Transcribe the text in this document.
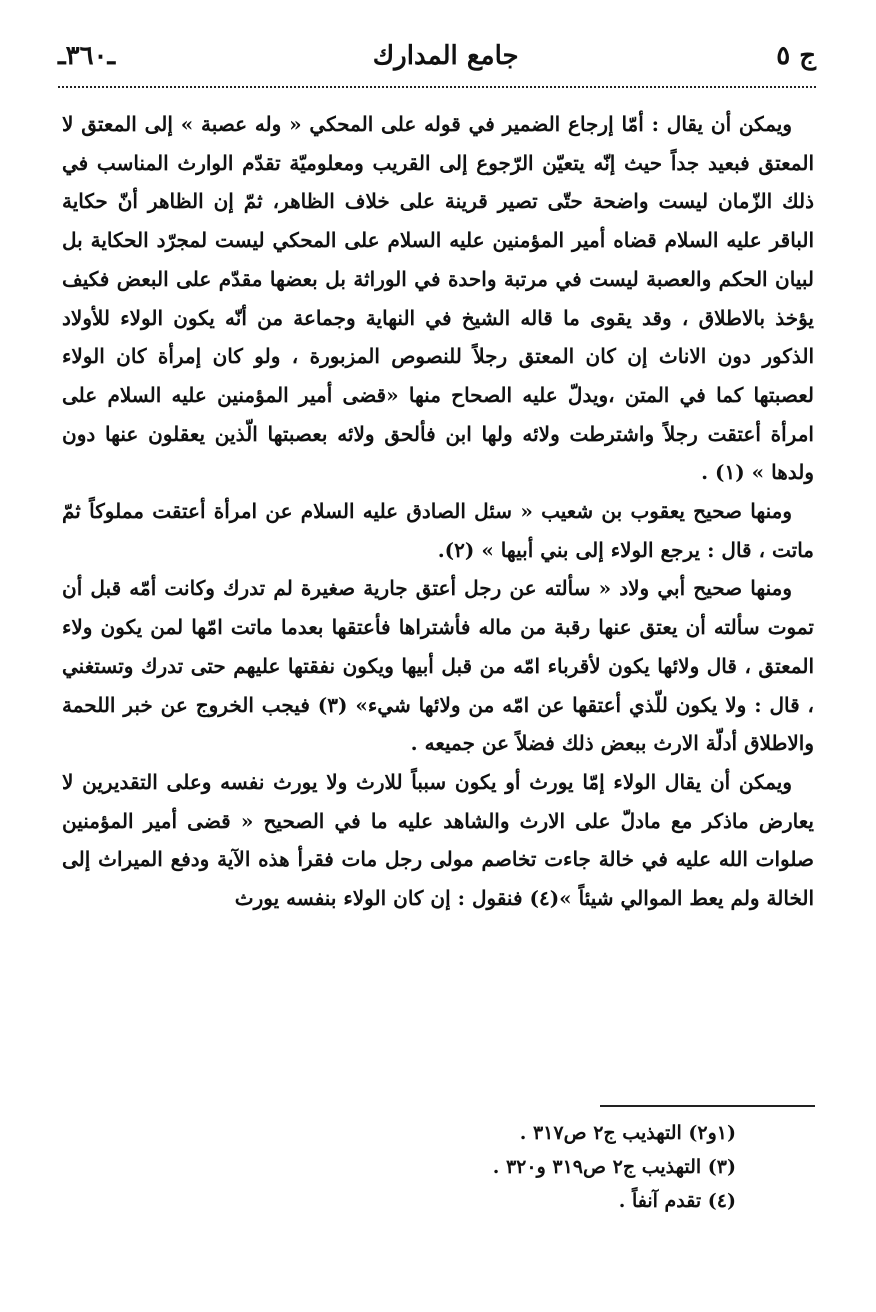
ـ٣٦٠ـ	جامع المدارك	ج ٥

ويمكن أن يقال : أمّا إرجاع الضمير في قوله على المحكي « وله عصبة » إلى المعتق لا المعتق فبعيد جداً حيث إنّه يتعيّن الرّجوع إلى القريب ومعلوميّة تقدّم الوارث المناسب في ذلك الزّمان ليست واضحة حتّى تصير قرينة على خلاف الظاهر، ثمّ إن الظاهر أنّ حكاية الباقر عليه السلام قضاه أمير المؤمنين عليه السلام على المحكي ليست لمجرّد الحكاية بل لبيان الحكم والعصبة ليست في مرتبة واحدة في الوراثة بل بعضها مقدّم على البعض فكيف يؤخذ بالاطلاق ، وقد يقوى ما قاله الشيخ في النهاية وجماعة من أنّه يكون الولاء للأولاد الذكور دون الاناث إن كان المعتق رجلاً للنصوص المزبورة ، ولو كان إمرأة كان الولاء لعصبتها كما في المتن ،ويدلّ عليه الصحاح منها «قضى أمير المؤمنين عليه السلام على امرأة أعتقت رجلاً واشترطت ولائه ولها ابن فألحق ولائه بعصبتها الّذين يعقلون عنها دون ولدها » (١) .

ومنها صحيح يعقوب بن شعيب « سئل الصادق عليه السلام عن امرأة أعتقت مملوكاً ثمّ ماتت ، قال : يرجع الولاء إلى بني أبيها » (٢).

ومنها صحيح أبي ولاد « سألته عن رجل أعتق جارية صغيرة لم تدرك وكانت أمّه قبل أن تموت سألته أن يعتق عنها رقبة من ماله فأشتراها فأعتقها بعدما ماتت امّها لمن يكون ولاء المعتق ، قال ولائها يكون لأقرباء امّه من قبل أبيها ويكون نفقتها عليهم حتى تدرك وتستغني ، قال : ولا يكون للّذي أعتقها عن امّه من ولائها شيء» (٣) فيجب الخروج عن خبر اللحمة والاطلاق أدلّة الارث ببعض ذلك فضلاً عن جميعه .

ويمكن أن يقال الولاء إمّا يورث أو يكون سبباً للارث ولا يورث نفسه وعلى التقديرين لا يعارض ماذكر مع مادلّ على الارث والشاهد عليه ما في الصحيح « قضى أمير المؤمنين صلوات الله عليه في خالة جاءت تخاصم مولى رجل مات فقرأ هذه الآية ودفع الميراث إلى الخالة ولم يعط الموالي شيئاً »(٤) فنقول : إن كان الولاء بنفسه يورث

(١و٢) التهذيب ج٢ ص٣١٧ .
(٣) التهذيب ج٢ ص٣١٩ و٣٢٠ .
(٤) تقدم آنفاً .
